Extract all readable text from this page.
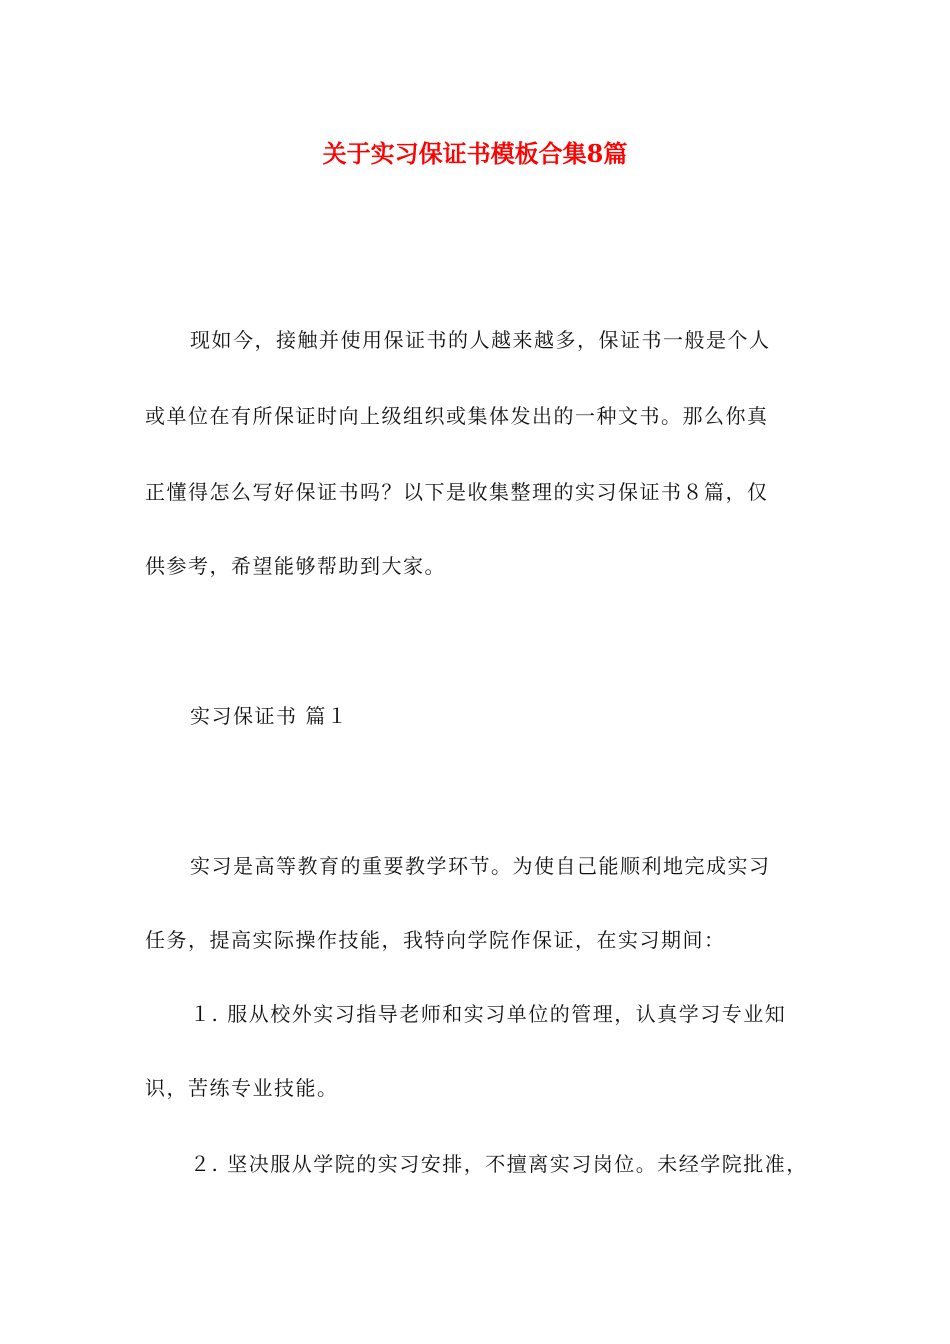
关于实习保证书模板合集8篇
现如今，接触并使用保证书的人越来越多，保证书一般是个人
或单位在有所保证时向上级组织或集体发出的一种文书。那么你真
正懂得怎么写好保证书吗？以下是收集整理的实习保证书８篇，仅
供参考，希望能够帮助到大家。
实习保证书 篇１
实习是高等教育的重要教学环节。为使自己能顺利地完成实习
任务，提高实际操作技能，我特向学院作保证，在实习期间：
１. 服从校外实习指导老师和实习单位的管理，认真学习专业知
识，苦练专业技能。
２. 坚决服从学院的实习安排，不擅离实习岗位。未经学院批准，
